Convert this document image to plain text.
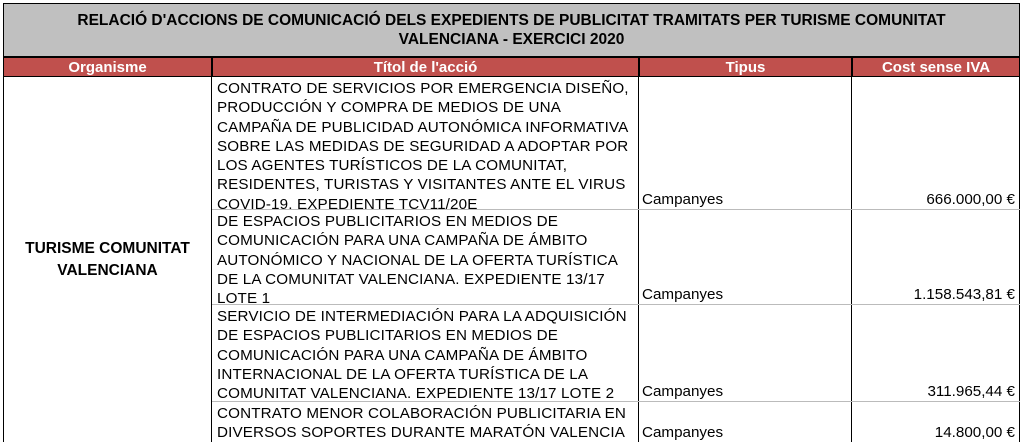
RELACIÓ D'ACCIONS DE COMUNICACIÓ DELS EXPEDIENTS DE PUBLICITAT TRAMITATS PER TURISME COMUNITAT
VALENCIANA - EXERCICI 2020
Organisme	Títol de l'acció	Tipus	Cost sense IVA
TURISME COMUNITAT VALENCIANA
CONTRATO DE SERVICIOS POR EMERGENCIA DISEÑO, PRODUCCIÓN Y COMPRA DE MEDIOS DE UNA CAMPAÑA DE PUBLICIDAD AUTONÓMICA INFORMATIVA SOBRE LAS MEDIDAS DE SEGURIDAD A ADOPTAR POR LOS AGENTES TURÍSTICOS DE LA COMUNITAT, RESIDENTES, TURISTAS Y VISITANTES ANTE EL VIRUS COVID-19. EXPEDIENTE TCV11/20E	Campanyes	666.000,00 €
DE ESPACIOS PUBLICITARIOS EN MEDIOS DE COMUNICACIÓN PARA UNA CAMPAÑA DE ÁMBITO AUTONÓMICO Y NACIONAL DE LA OFERTA TURÍSTICA DE LA COMUNITAT VALENCIANA. EXPEDIENTE 13/17 LOTE 1	Campanyes	1.158.543,81 €
SERVICIO DE INTERMEDIACIÓN PARA LA ADQUISICIÓN DE ESPACIOS PUBLICITARIOS EN MEDIOS DE COMUNICACIÓN PARA UNA CAMPAÑA DE ÁMBITO INTERNACIONAL DE LA OFERTA TURÍSTICA DE LA COMUNITAT VALENCIANA. EXPEDIENTE 13/17 LOTE 2	Campanyes	311.965,44 €
CONTRATO MENOR COLABORACIÓN PUBLICITARIA EN DIVERSOS SOPORTES DURANTE MARATÓN VALENCIA	Campanyes	14.800,00 €
